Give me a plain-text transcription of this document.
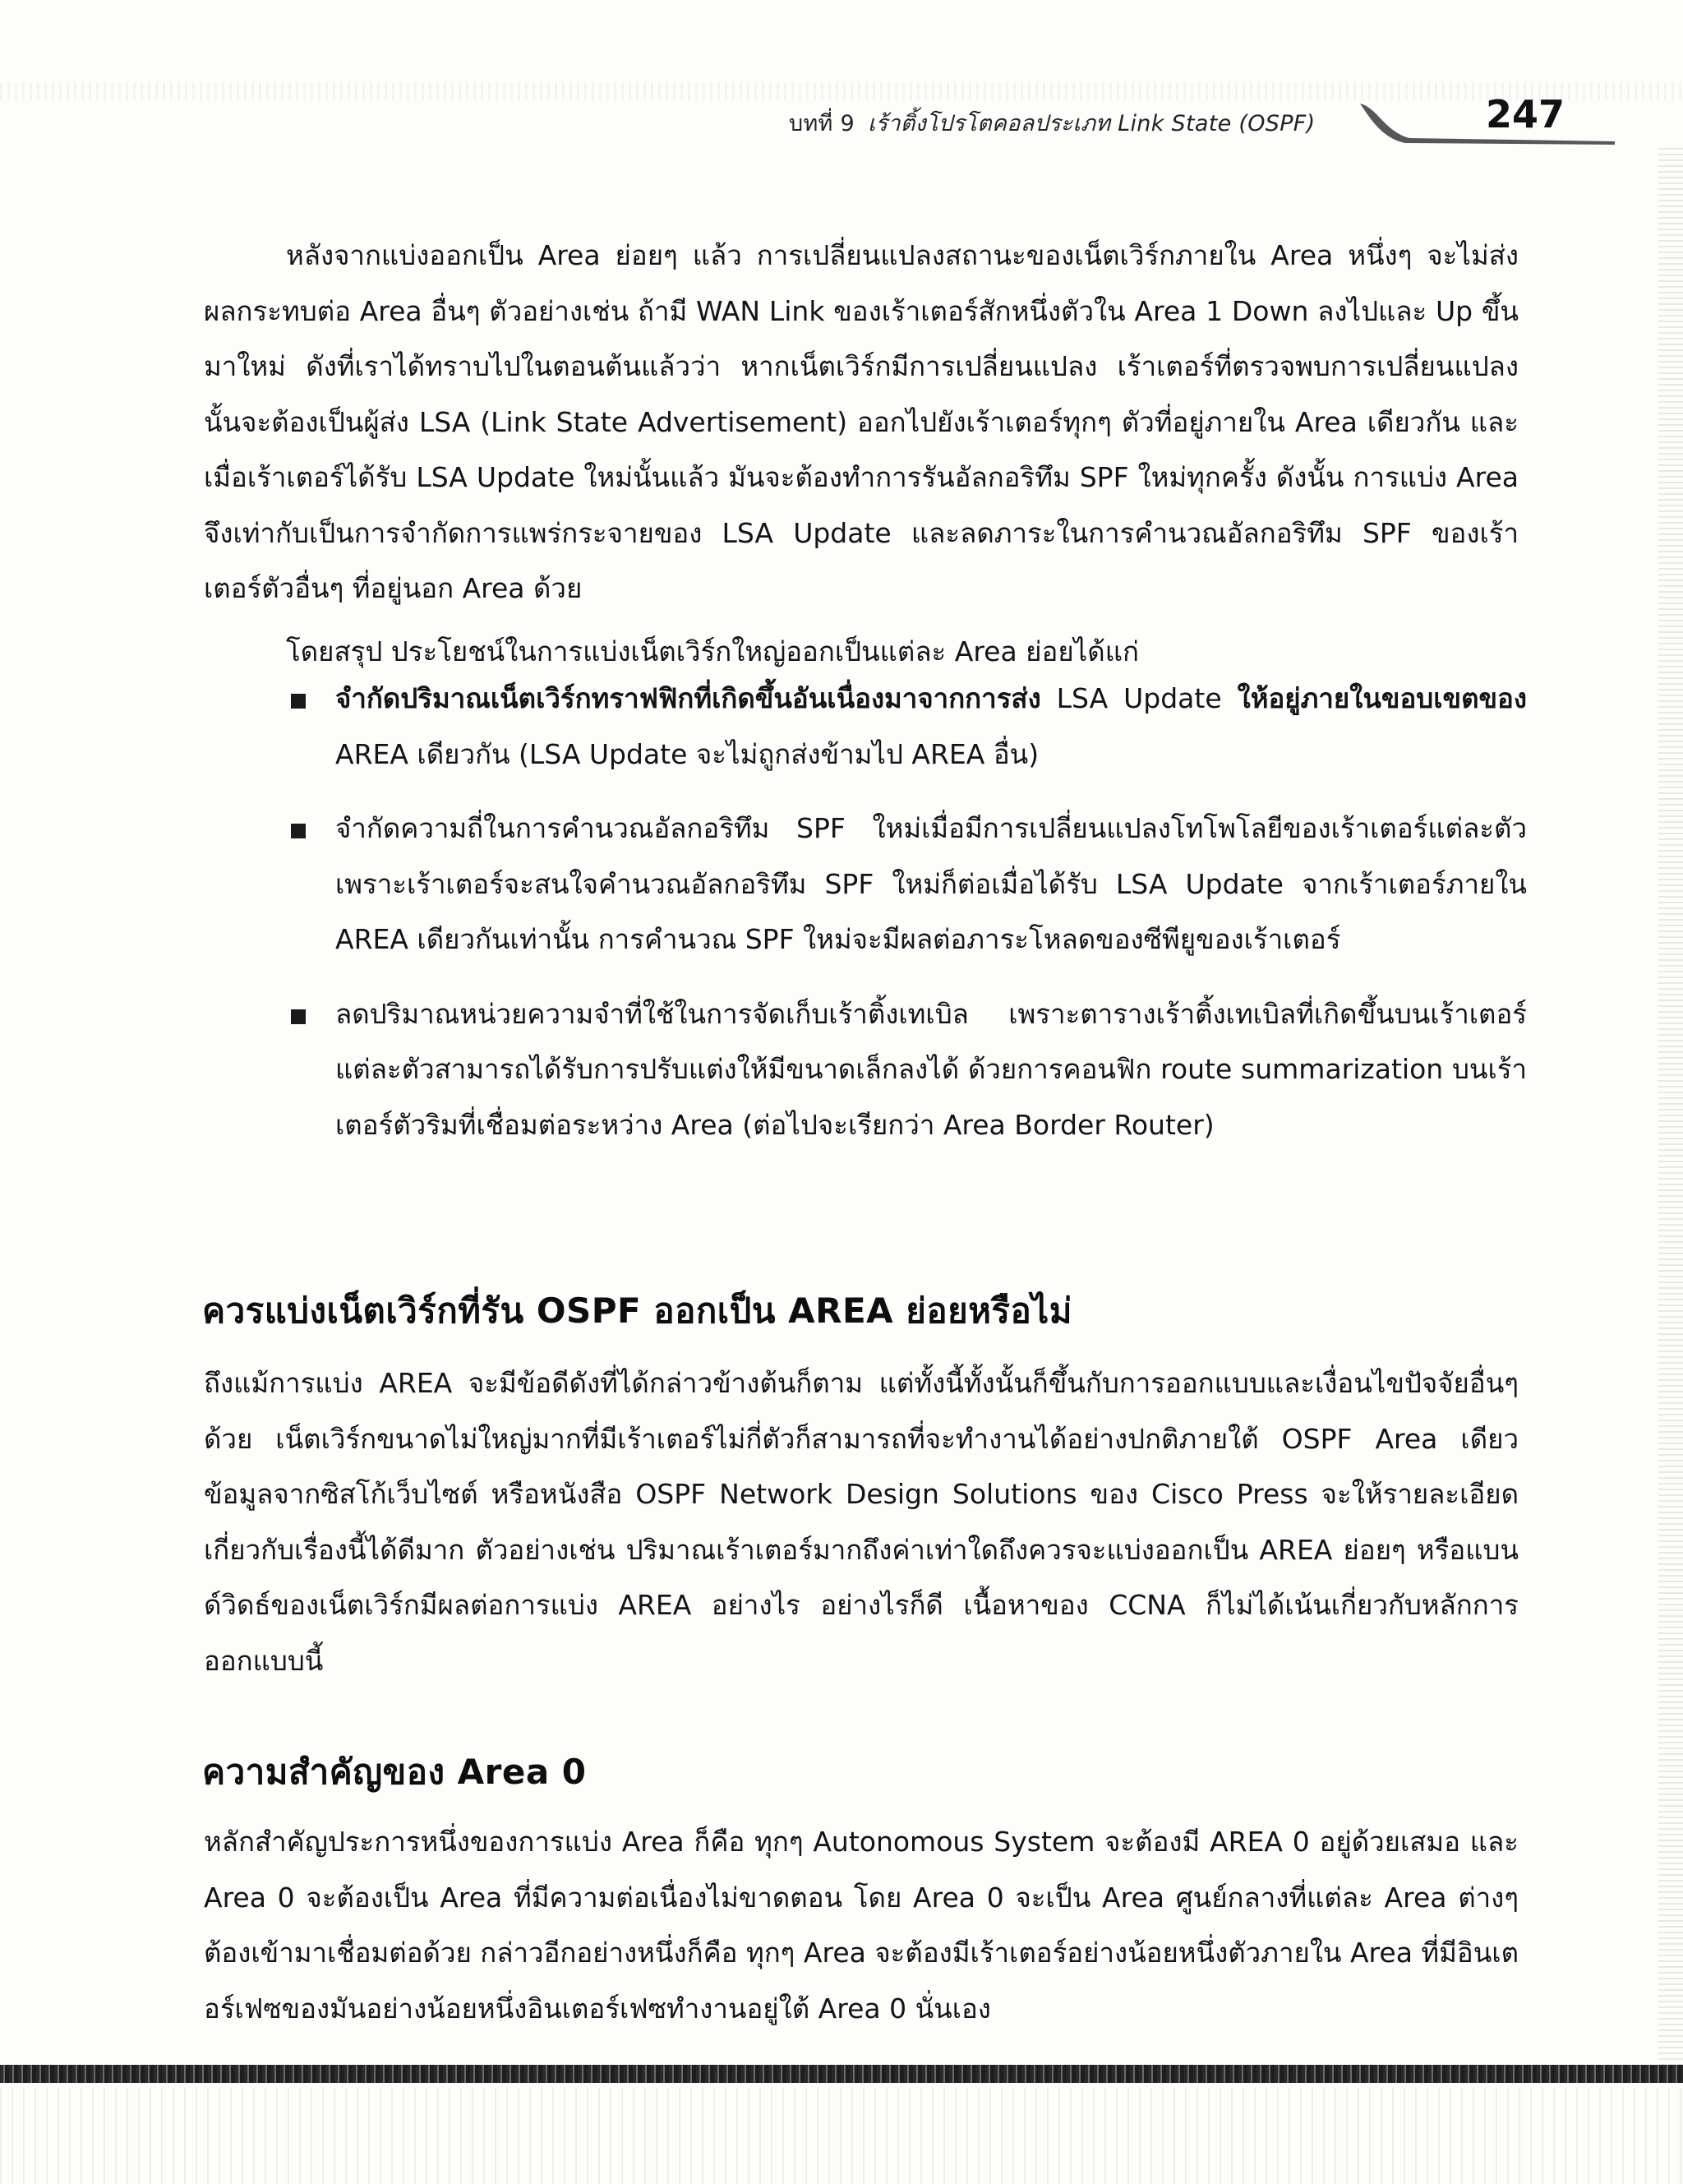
บทที่ 9 เร้าติ้งโปรโตคอลประเภท Link State (OSPF)	247

หลังจากแบ่งออกเป็น Area ย่อยๆ แล้ว การเปลี่ยนแปลงสถานะของเน็ตเวิร์กภายใน Area หนึ่งๆ จะไม่ส่งผลกระทบต่อ Area อื่นๆ ตัวอย่างเช่น ถ้ามี WAN Link ของเร้าเตอร์สักหนึ่งตัวใน Area 1 Down ลงไปและ Up ขึ้นมาใหม่ ดังที่เราได้ทราบไปในตอนต้นแล้วว่า หากเน็ตเวิร์กมีการเปลี่ยนแปลง เร้าเตอร์ที่ตรวจพบการเปลี่ยนแปลงนั้นจะต้องเป็นผู้ส่ง LSA (Link State Advertisement) ออกไปยังเร้าเตอร์ทุกๆ ตัวที่อยู่ภายใน Area เดียวกัน และเมื่อเร้าเตอร์ได้รับ LSA Update ใหม่นั้นแล้ว มันจะต้องทำการรันอัลกอริทึม SPF ใหม่ทุกครั้ง ดังนั้น การแบ่ง Area จึงเท่ากับเป็นการจำกัดการแพร่กระจายของ LSA Update และลดภาระในการคำนวณอัลกอริทึม SPF ของเร้าเตอร์ตัวอื่นๆ ที่อยู่นอก Area ด้วย

โดยสรุป ประโยชน์ในการแบ่งเน็ตเวิร์กใหญ่ออกเป็นแต่ละ Area ย่อยได้แก่

จำกัดปริมาณเน็ตเวิร์กทราฟฟิกที่เกิดขึ้นอันเนื่องมาจากการส่ง LSA Update ให้อยู่ภายในขอบเขตของ AREA เดียวกัน (LSA Update จะไม่ถูกส่งข้ามไป AREA อื่น)
จำกัดความถี่ในการคำนวณอัลกอริทึม SPF ใหม่เมื่อมีการเปลี่ยนแปลงโทโพโลยีของเร้าเตอร์แต่ละตัว เพราะเร้าเตอร์จะสนใจคำนวณอัลกอริทึม SPF ใหม่ก็ต่อเมื่อได้รับ LSA Update จากเร้าเตอร์ภายใน AREA เดียวกันเท่านั้น การคำนวณ SPF ใหม่จะมีผลต่อภาระโหลดของซีพียูของเร้าเตอร์
ลดปริมาณหน่วยความจำที่ใช้ในการจัดเก็บเร้าติ้งเทเบิล เพราะตารางเร้าติ้งเทเบิลที่เกิดขึ้นบนเร้าเตอร์แต่ละตัวสามารถได้รับการปรับแต่งให้มีขนาดเล็กลงได้ ด้วยการคอนฟิก route summarization บนเร้าเตอร์ตัวริมที่เชื่อมต่อระหว่าง Area (ต่อไปจะเรียกว่า Area Border Router)
ควรแบ่งเน็ตเวิร์กที่รัน OSPF ออกเป็น AREA ย่อยหรือไม่

ถึงแม้การแบ่ง AREA จะมีข้อดีดังที่ได้กล่าวข้างต้นก็ตาม แต่ทั้งนี้ทั้งนั้นก็ขึ้นกับการออกแบบและเงื่อนไขปัจจัยอื่นๆ ด้วย เน็ตเวิร์กขนาดไม่ใหญ่มากที่มีเร้าเตอร์ไม่กี่ตัวก็สามารถที่จะทำงานได้อย่างปกติภายใต้ OSPF Area เดียว ข้อมูลจากซิสโก้เว็บไซต์ หรือหนังสือ OSPF Network Design Solutions ของ Cisco Press จะให้รายละเอียดเกี่ยวกับเรื่องนี้ได้ดีมาก ตัวอย่างเช่น ปริมาณเร้าเตอร์มากถึงค่าเท่าใดถึงควรจะแบ่งออกเป็น AREA ย่อยๆ หรือแบนด์วิดธ์ของเน็ตเวิร์กมีผลต่อการแบ่ง AREA อย่างไร อย่างไรก็ดี เนื้อหาของ CCNA ก็ไม่ได้เน้นเกี่ยวกับหลักการออกแบบนี้

ความสำคัญของ Area 0

หลักสำคัญประการหนึ่งของการแบ่ง Area ก็คือ ทุกๆ Autonomous System จะต้องมี AREA 0 อยู่ด้วยเสมอ และ Area 0 จะต้องเป็น Area ที่มีความต่อเนื่องไม่ขาดตอน โดย Area 0 จะเป็น Area ศูนย์กลางที่แต่ละ Area ต่างๆ ต้องเข้ามาเชื่อมต่อด้วย กล่าวอีกอย่างหนึ่งก็คือ ทุกๆ Area จะต้องมีเร้าเตอร์อย่างน้อยหนึ่งตัวภายใน Area ที่มีอินเตอร์เฟซของมันอย่างน้อยหนึ่งอินเตอร์เฟซทำงานอยู่ใต้ Area 0 นั่นเอง
